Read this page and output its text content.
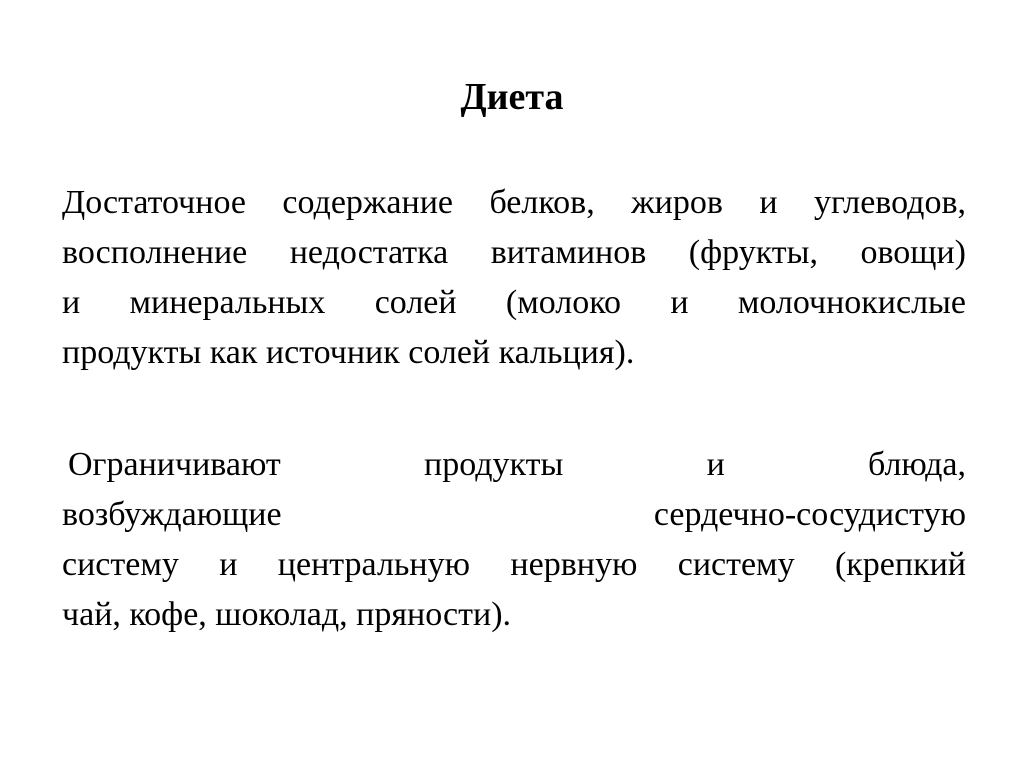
Диета
Достаточное содержание белков, жиров и углеводов,
восполнение недостатка витаминов (фрукты, овощи)
и минеральных солей (молоко и молочнокислые
продукты как источник солей кальция).
Ограничивают продукты и блюда,
возбуждающие сердечно-сосудистую
систему и центральную нервную систему (крепкий
чай, кофе, шоколад, пряности).
